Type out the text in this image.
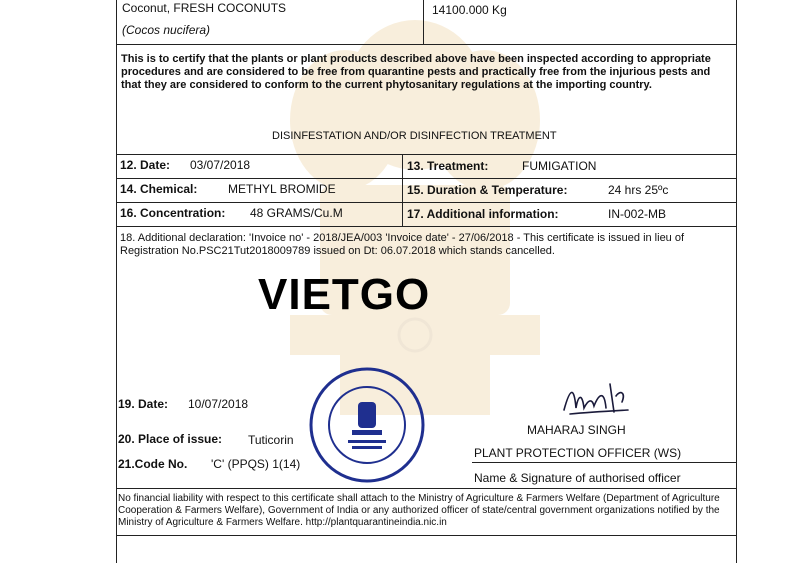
Coconut, FRESH COCONUTS
(Cocos nucifera)
14100.000 Kg
This is to certify that the plants or plant products described above have been inspected according to appropriate procedures and are considered to be free from quarantine pests and practically free from the injurious pests and that they are considered to conform to the current phytosanitary regulations at the importing country.
DISINFESTATION AND/OR DISINFECTION TREATMENT
12. Date: 03/07/2018	13. Treatment:	FUMIGATION
14. Chemical:	METHYL BROMIDE	15. Duration & Temperature:	24 hrs 25ºc
16. Concentration: 48 GRAMS/Cu.M	17. Additional information:	IN-002-MB
18. Additional declaration: 'Invoice no' - 2018/JEA/003 'Invoice date' - 27/06/2018 - This certificate is issued in lieu of Registration No.PSC21Tut2018009789 issued on Dt: 06.07.2018 which stands cancelled.
VIETGO
19. Date: 10/07/2018
20. Place of issue: Tuticorin
21.Code No. 'C' (PPQS) 1(14)
MAHARAJ SINGH
PLANT PROTECTION OFFICER (WS)
Name & Signature of authorised officer
No financial liability with respect to this certificate shall attach to the Ministry of Agriculture & Farmers Welfare (Department of Agriculture Cooperation & Farmers Welfare), Government of India or any authorized officer of state/central government organizations notified by the Ministry of Agriculture & Farmers Welfare. http://plantquarantineindia.nic.in
